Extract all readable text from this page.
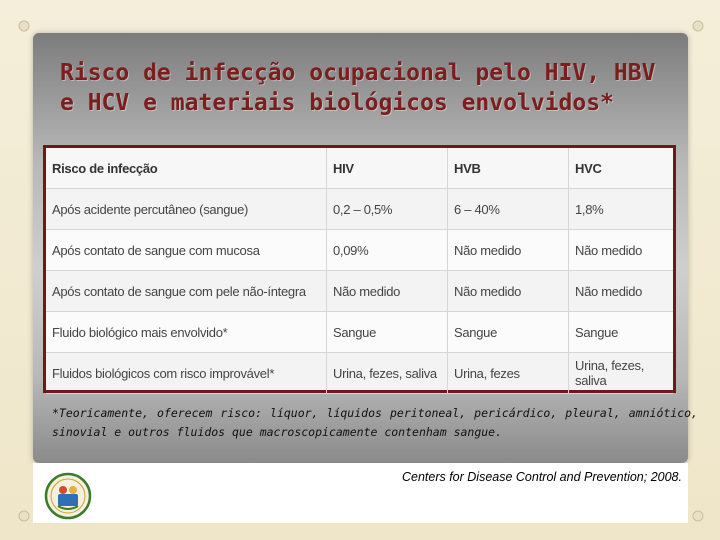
Risco de infecção ocupacional pelo HIV, HBV e HCV e materiais biológicos envolvidos*
Risco de infecção	HIV	HVB	HVC
Após acidente percutâneo (sangue)	0,2 – 0,5%	6 – 40%	1,8%
Após contato de sangue com mucosa	0,09%	Não medido	Não medido
Após contato de sangue com pele não-íntegra	Não medido	Não medido	Não medido
Fluido biológico mais envolvido*	Sangue	Sangue	Sangue
Fluidos biológicos com risco improvável*	Urina, fezes, saliva	Urina, fezes	Urina, fezes, saliva
*Teoricamente, oferecem risco: líquor, líquidos peritoneal, pericárdico, pleural, amniótico, sinovial e outros fluidos que macroscopicamente contenham sangue.
Centers for Disease Control and Prevention; 2008.
